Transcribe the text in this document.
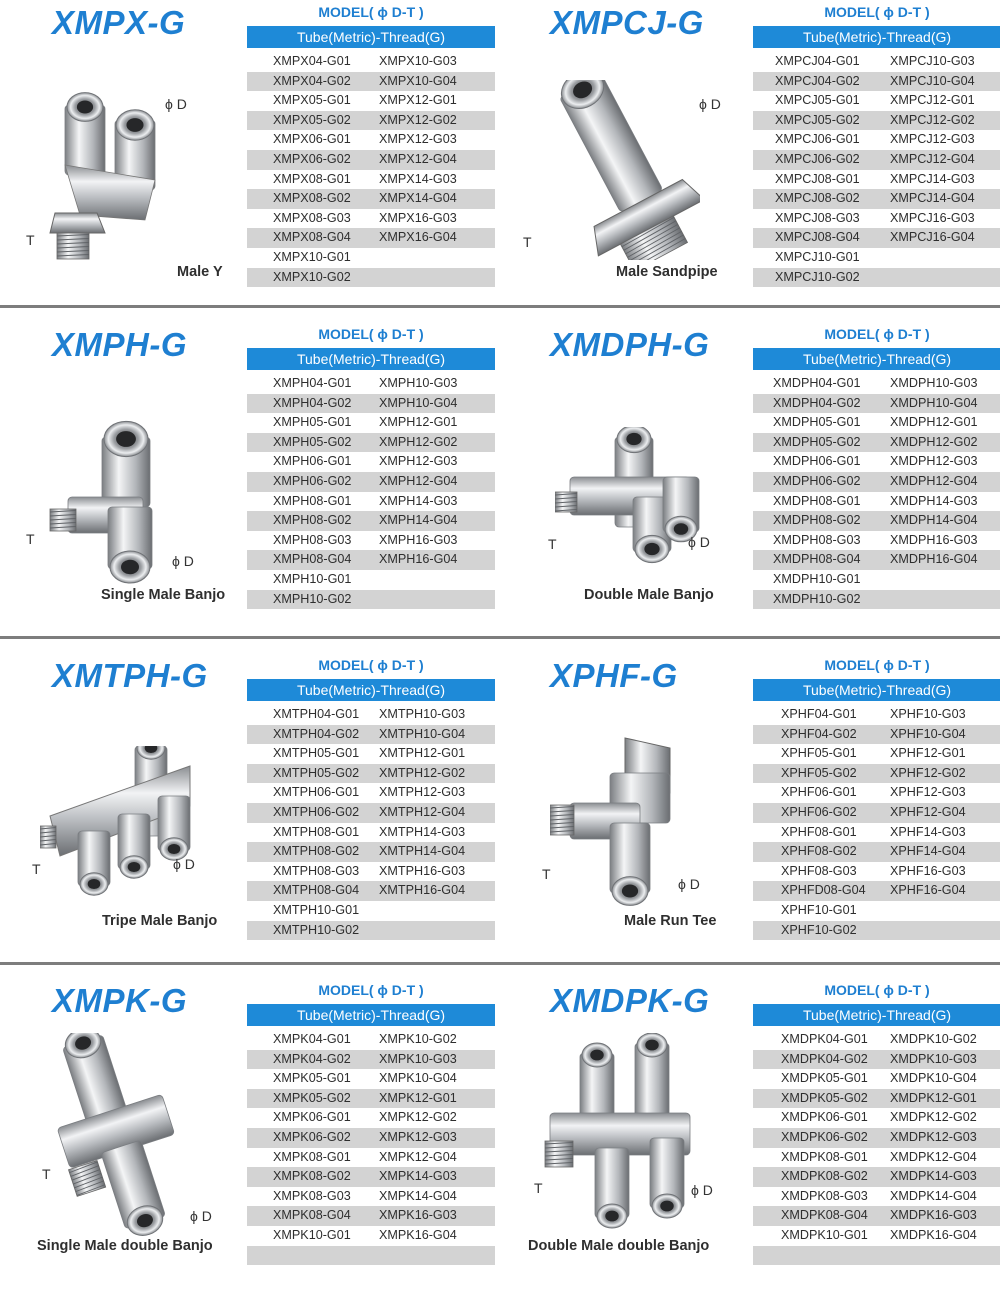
XMPX-G	MODEL( ϕ D-T )
Tube(Metric)-Thread(G)
XMPX04-G01 XMPX10-G03
XMPX04-G02 XMPX10-G04
XMPX05-G01 XMPX12-G01
XMPX05-G02 XMPX12-G02
XMPX06-G01 XMPX12-G03
XMPX06-G02 XMPX12-G04
XMPX08-G01 XMPX14-G03
XMPX08-G02 XMPX14-G04
XMPX08-G03 XMPX16-G03
XMPX08-G04 XMPX16-G04
XMPX10-G01
XMPX10-G02
ϕ D
T
Male Y
XMPCJ-G	MODEL( ϕ D-T )
Tube(Metric)-Thread(G)
XMPCJ04-G01 XMPCJ10-G03
XMPCJ04-G02 XMPCJ10-G04
XMPCJ05-G01 XMPCJ12-G01
XMPCJ05-G02 XMPCJ12-G02
XMPCJ06-G01 XMPCJ12-G03
XMPCJ06-G02 XMPCJ12-G04
XMPCJ08-G01 XMPCJ14-G03
XMPCJ08-G02 XMPCJ14-G04
XMPCJ08-G03 XMPCJ16-G03
XMPCJ08-G04 XMPCJ16-G04
XMPCJ10-G01
XMPCJ10-G02
ϕ D
T
Male Sandpipe
XMPH-G	MODEL( ϕ D-T )
Tube(Metric)-Thread(G)
XMPH04-G01 XMPH10-G03
XMPH04-G02 XMPH10-G04
XMPH05-G01 XMPH12-G01
XMPH05-G02 XMPH12-G02
XMPH06-G01 XMPH12-G03
XMPH06-G02 XMPH12-G04
XMPH08-G01 XMPH14-G03
XMPH08-G02 XMPH14-G04
XMPH08-G03 XMPH16-G03
XMPH08-G04 XMPH16-G04
XMPH10-G01
XMPH10-G02
ϕ D
T
Single Male Banjo
XMDPH-G	MODEL( ϕ D-T )
Tube(Metric)-Thread(G)
XMDPH04-G01 XMDPH10-G03
XMDPH04-G02 XMDPH10-G04
XMDPH05-G01 XMDPH12-G01
XMDPH05-G02 XMDPH12-G02
XMDPH06-G01 XMDPH12-G03
XMDPH06-G02 XMDPH12-G04
XMDPH08-G01 XMDPH14-G03
XMDPH08-G02 XMDPH14-G04
XMDPH08-G03 XMDPH16-G03
XMDPH08-G04 XMDPH16-G04
XMDPH10-G01
XMDPH10-G02
ϕ D
T
Double Male Banjo
XMTPH-G	MODEL( ϕ D-T )
Tube(Metric)-Thread(G)
XMTPH04-G01 XMTPH10-G03
XMTPH04-G02 XMTPH10-G04
XMTPH05-G01 XMTPH12-G01
XMTPH05-G02 XMTPH12-G02
XMTPH06-G01 XMTPH12-G03
XMTPH06-G02 XMTPH12-G04
XMTPH08-G01 XMTPH14-G03
XMTPH08-G02 XMTPH14-G04
XMTPH08-G03 XMTPH16-G03
XMTPH08-G04 XMTPH16-G04
XMTPH10-G01
XMTPH10-G02
ϕ D
T
Tripe Male Banjo
XPHF-G	MODEL( ϕ D-T )
Tube(Metric)-Thread(G)
XPHF04-G01	XPHF10-G03
XPHF04-G02	XPHF10-G04
XPHF05-G01	XPHF12-G01
XPHF05-G02	XPHF12-G02
XPHF06-G01	XPHF12-G03
XPHF06-G02	XPHF12-G04
XPHF08-G01	XPHF14-G03
XPHF08-G02	XPHF14-G04
XPHF08-G03	XPHF16-G03
XPHFD08-G04 XPHF16-G04
XPHF10-G01
XPHF10-G02
ϕ D
T
Male Run Tee
XMPK-G	MODEL( ϕ D-T )
Tube(Metric)-Thread(G)
XMPK04-G01 XMPK10-G02
XMPK04-G02 XMPK10-G03
XMPK05-G01 XMPK10-G04
XMPK05-G02 XMPK12-G01
XMPK06-G01 XMPK12-G02
XMPK06-G02 XMPK12-G03
XMPK08-G01 XMPK12-G04
XMPK08-G02 XMPK14-G03
XMPK08-G03 XMPK14-G04
XMPK08-G04 XMPK16-G03
XMPK10-G01 XMPK16-G04
ϕ D
T
Single Male double Banjo
XMDPK-G	MODEL( ϕ D-T )
Tube(Metric)-Thread(G)
XMDPK04-G01 XMDPK10-G02
XMDPK04-G02 XMDPK10-G03
XMDPK05-G01 XMDPK10-G04
XMDPK05-G02 XMDPK12-G01
XMDPK06-G01 XMDPK12-G02
XMDPK06-G02 XMDPK12-G03
XMDPK08-G01 XMDPK12-G04
XMDPK08-G02 XMDPK14-G03
XMDPK08-G03 XMDPK14-G04
XMDPK08-G04 XMDPK16-G03
XMDPK10-G01 XMDPK16-G04
ϕ D
T
Double Male double Banjo
